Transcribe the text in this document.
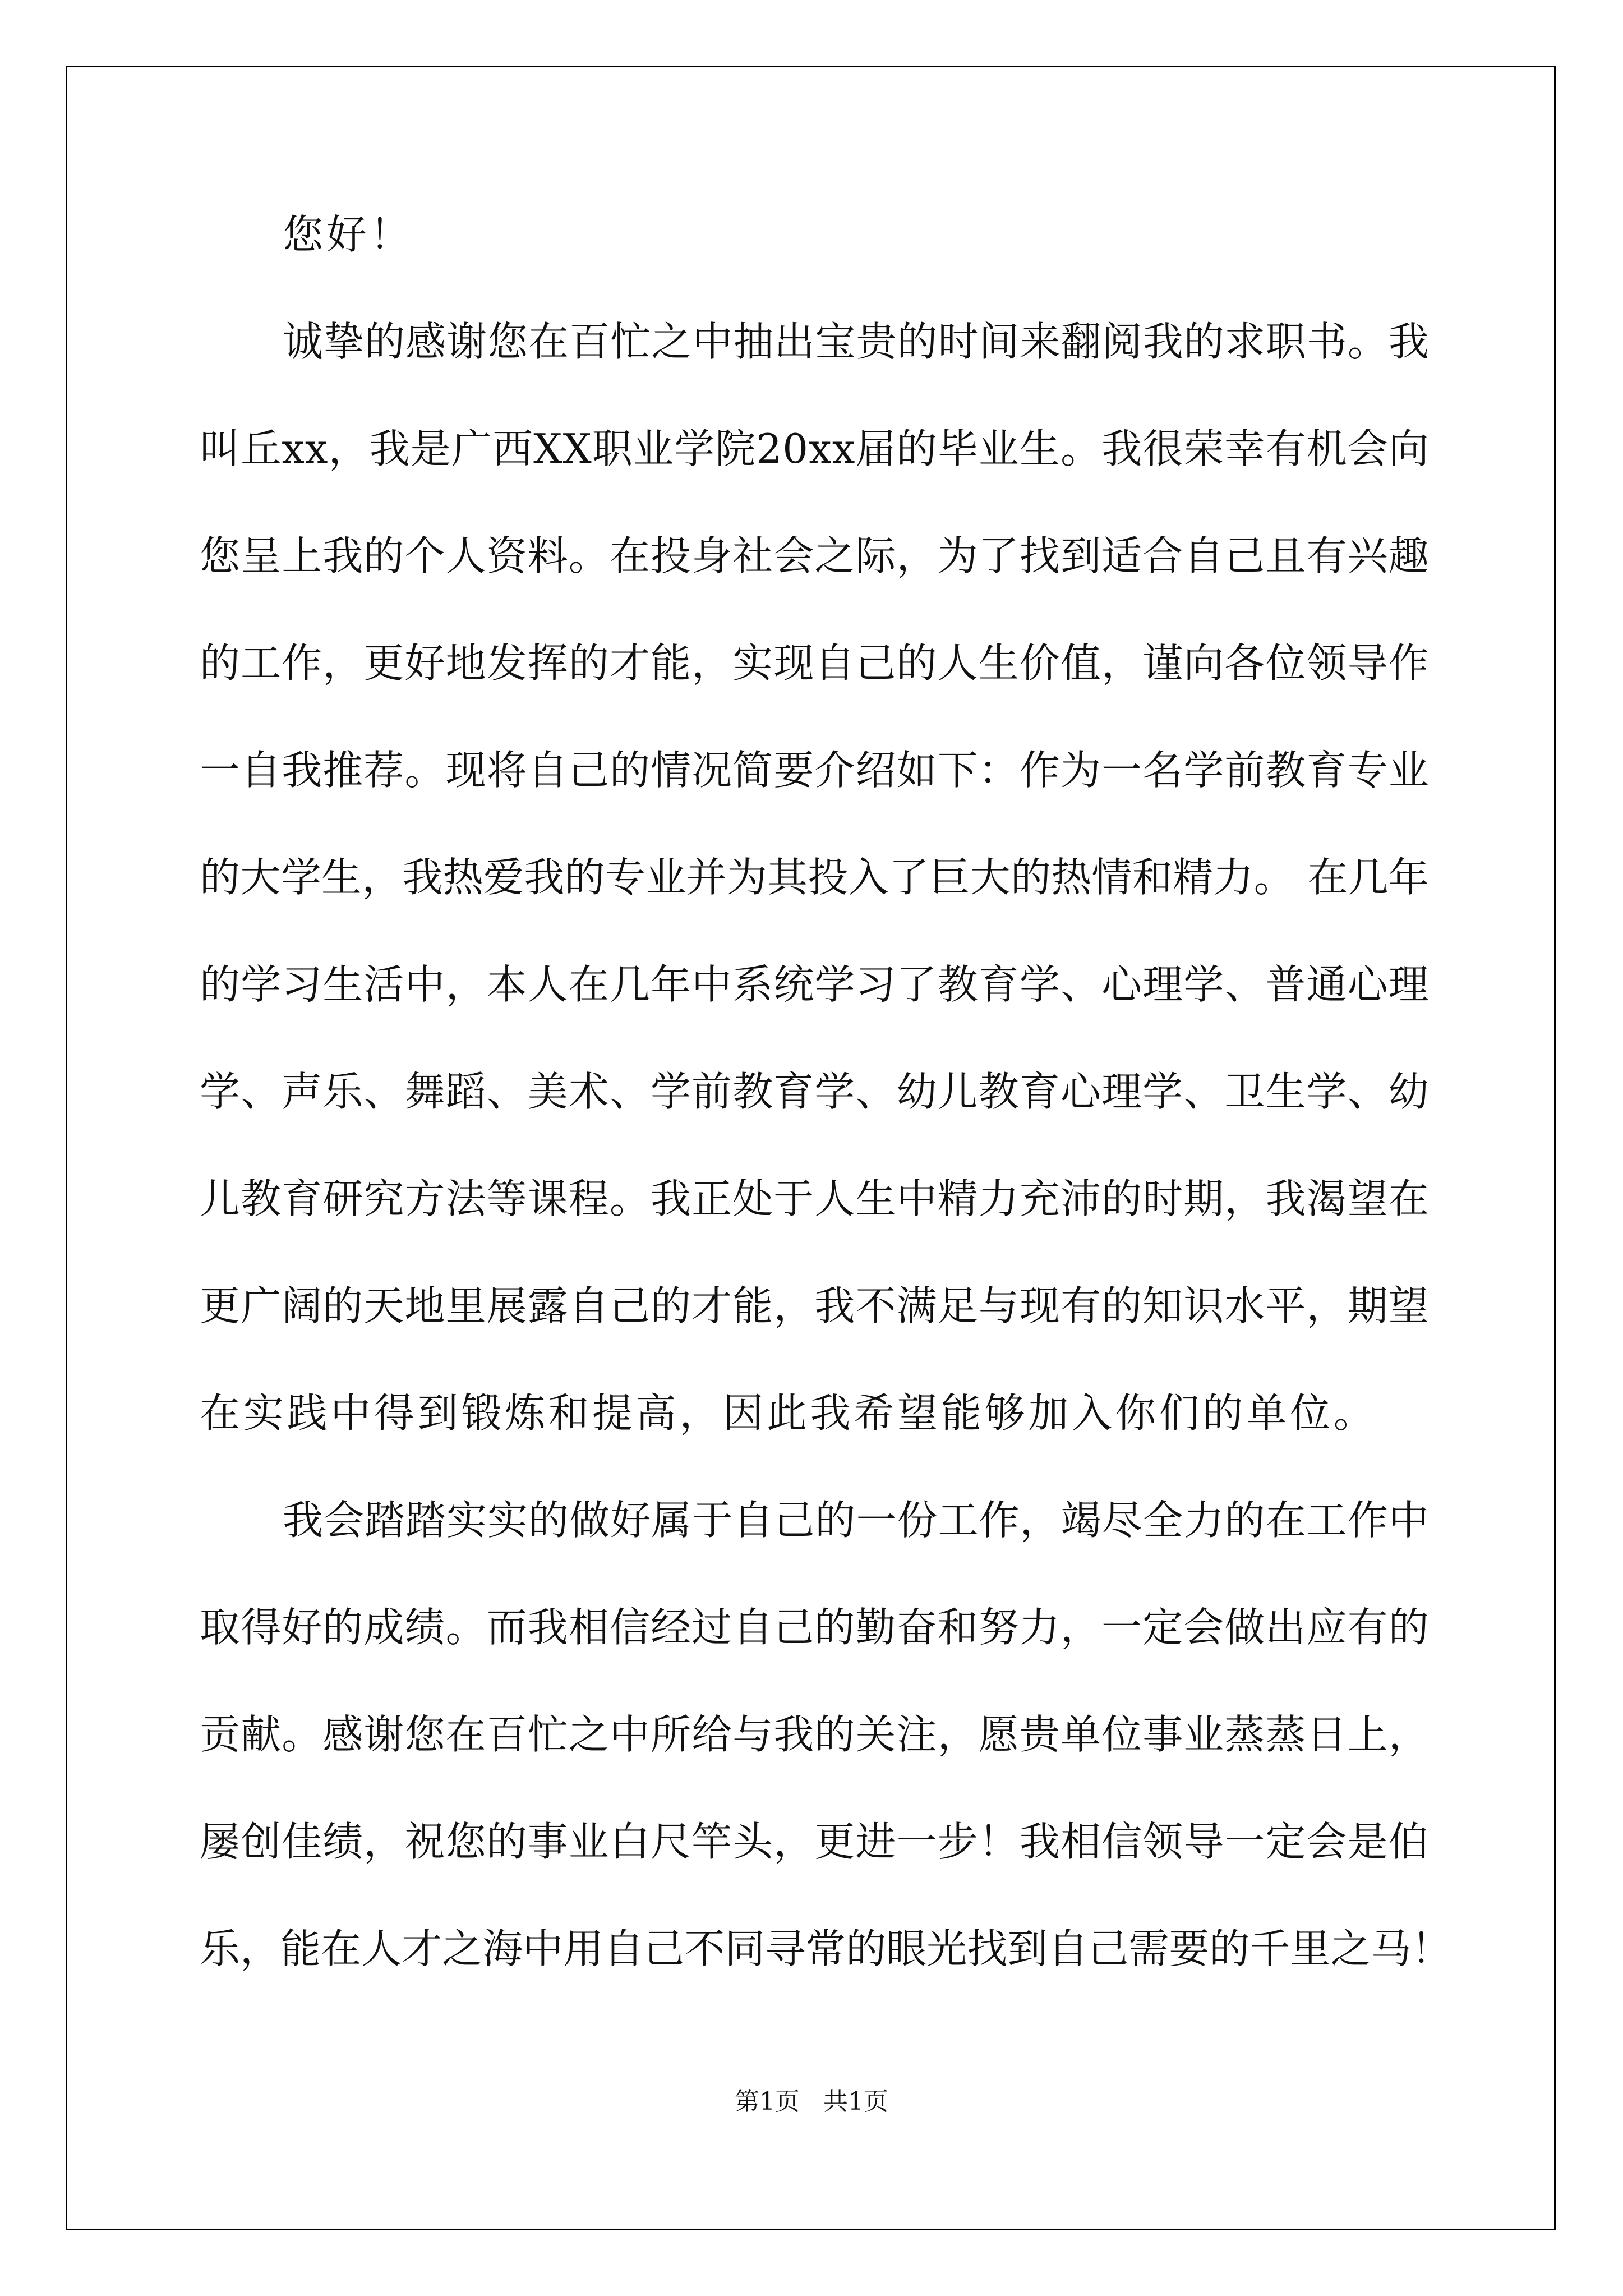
您好！
诚 挚 的 感 谢 您 在 百 忙 之 中 抽 出 宝 贵 的 时 间 来 翻 阅 我 的 求 职 书 。 我
叫 丘 x x ， 我 是 广 西 X X 职 业 学 院 2 0 x x 届 的 毕 业 生 。 我 很 荣 幸 有 机 会 向
您 呈 上 我 的 个 人 资 料 。 在 投 身 社 会 之 际 ， 为 了 找 到 适 合 自 己 且 有 兴 趣
的 工 作 ， 更 好 地 发 挥 的 才 能 ， 实 现 自 己 的 人 生 价 值 ， 谨 向 各 位 领 导 作
一 自 我 推 荐 。 现 将 自 己 的 情 况 简 要 介 绍 如 下 ： 作 为 一 名 学 前 教 育 专 业
的 大 学 生 ， 我 热 爱 我 的 专 业 并 为 其 投 入 了 巨 大 的 热 情 和 精 力 。
在 几 年
的 学 习 生 活 中 ， 本 人 在 几 年 中 系 统 学 习 了 教 育 学 、 心 理 学 、 普 通 心 理
学 、 声 乐 、 舞 蹈 、 美 术 、 学 前 教 育 学 、 幼 儿 教 育 心 理 学 、 卫 生 学 、 幼
儿 教 育 研 究 方 法 等 课 程 。 我 正 处 于 人 生 中 精 力 充 沛 的 时 期 ， 我 渴 望 在
更 广 阔 的 天 地 里 展 露 自 己 的 才 能 ， 我 不 满 足 与 现 有 的 知 识 水 平 ， 期 望
在实践中得到锻炼和提高，因此我希望能够加入你们的单位。
我 会 踏 踏 实 实 的 做 好 属 于 自 己 的 一 份 工 作 ， 竭 尽 全 力 的 在 工 作 中
取 得 好 的 成 绩 。 而 我 相 信 经 过 自 己 的 勤 奋 和 努 力 ， 一 定 会 做 出 应 有 的
贡 献 。 感 谢 您 在 百 忙 之 中 所 给 与 我 的 关 注 ， 愿 贵 单 位 事 业 蒸 蒸 日 上 ，
屡 创 佳 绩 ， 祝 您 的 事 业 白 尺 竿 头 ， 更 进 一 步 ！ 我 相 信 领 导 一 定 会 是 伯
乐 ， 能 在 人 才 之 海 中 用 自 己 不 同 寻 常 的 眼 光 找 到 自 己 需 要 的 千 里 之 马 ！
第1页   共1页
